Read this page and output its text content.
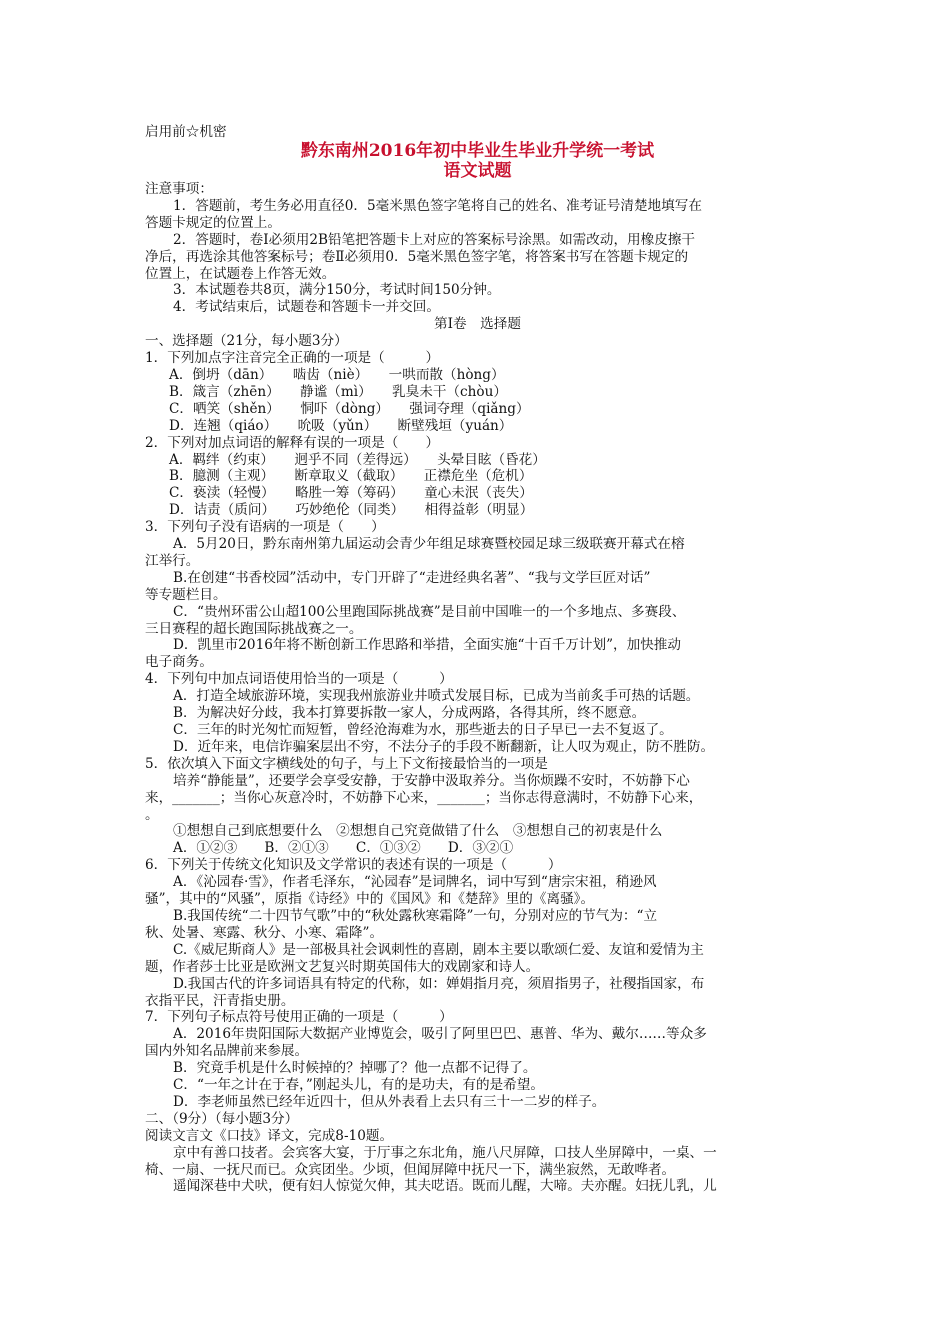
启用前☆机密
黔东南州2016年初中毕业生毕业升学统一考试
语文试题
注意事项：
1．答题前，考生务必用直径0．5毫米黑色签字笔将自己的姓名、准考证号清楚地填写在
答题卡规定的位置上。
2．答题时，卷Ⅰ必须用2B铅笔把答题卡上对应的答案标号涂黑。如需改动，用橡皮擦干
净后，再选涂其他答案标号；卷Ⅱ必须用0．5毫米黑色签字笔，将答案书写在答题卡规定的
位置上，在试题卷上作答无效。
3．本试题卷共8页，满分150分，考试时间150分钟。
4．考试结束后，试题卷和答题卡一并交回。
第Ⅰ卷　选择题
一、选择题（21分，每小题3分）
1．下列加点字注音完全正确的一项是（　　　）
A．倒坍（dān）　　啮齿（niè）　　一哄而散（hòng）
B．箴言（zhēn）　　静谧（mì）　　乳臭未干（chòu）
C．哂笑（shěn）　　恫吓（dòng）　　强词夺理（qiǎng）
D．连翘（qiáo）　　吮吸（yǔn）　　断壁残垣（yuán）
2．下列对加点词语的解释有误的一项是（　　）
A．羁绊（约束）　　迥乎不同（差得远）　　头晕目眩（昏花）
B．臆测（主观）　　断章取义（截取）　　正襟危坐（危机）
C．亵渎（轻慢）　　略胜一筹（筹码）　　童心未泯（丧失）
D．诘责（质问）　　巧妙绝伦（同类）　　相得益彰（明显）
3．下列句子没有语病的一项是（　　）
A．5月20日，黔东南州第九届运动会青少年组足球赛暨校园足球三级联赛开幕式在榕
江举行。
B.在创建“书香校园”活动中，专门开辟了“走进经典名著”、“我与文学巨匠对话”
等专题栏目。
C．“贵州环雷公山超100公里跑国际挑战赛”是目前中国唯一的一个多地点、多赛段、
三日赛程的超长跑国际挑战赛之一。
D．凯里市2016年将不断创新工作思路和举措，全面实施“十百千万计划”，加快推动
电子商务。
4．下列句中加点词语使用恰当的一项是（　　　）
A．打造全域旅游环境，实现我州旅游业井喷式发展目标，已成为当前炙手可热的话题。
B．为解决好分歧，我本打算要拆散一家人，分成两路，各得其所，终不愿意。
C．三年的时光匆忙而短暂，曾经沧海难为水，那些逝去的日子早已一去不复返了。
D．近年来，电信诈骗案层出不穷，不法分子的手段不断翻新，让人叹为观止，防不胜防。
5．依次填入下面文字横线处的句子，与上下文衔接最恰当的一项是
培养“静能量”，还要学会享受安静，于安静中汲取养分。当你烦躁不安时，不妨静下心
来，_______；当你心灰意冷时，不妨静下心来，_______；当你志得意满时，不妨静下心来，
。
①想想自己到底想要什么　②想想自己究竟做错了什么　③想想自己的初衷是什么
A．①②③　　B．②①③　　C．①③②　　D．③②①
6．下列关于传统文化知识及文学常识的表述有误的一项是（　　　）
A．《沁园春·雪》，作者毛泽东，“沁园春”是词牌名，词中写到“唐宗宋祖，稍逊风
骚”，其中的“风骚”，原指《诗经》中的《国风》和《楚辞》里的《离骚》。
B.我国传统“二十四节气歌”中的“秋处露秋寒霜降”一句，分别对应的节气为：“立
秋、处暑、寒露、秋分、小寒、霜降”。
C.《威尼斯商人》是一部极具社会讽刺性的喜剧，剧本主要以歌颂仁爱、友谊和爱情为主
题，作者莎士比亚是欧洲文艺复兴时期英国伟大的戏剧家和诗人。
D.我国古代的许多词语具有特定的代称，如：婵娟指月亮，须眉指男子，社稷指国家，布
衣指平民，汗青指史册。
7．下列句子标点符号使用正确的一项是（　　　）
A．2016年贵阳国际大数据产业博览会，吸引了阿里巴巴、惠普、华为、戴尔……等众多
国内外知名品牌前来参展。
B．究竟手机是什么时候掉的？掉哪了？他一点都不记得了。
C．“一年之计在于春，”刚起头儿，有的是功夫，有的是希望。
D．李老师虽然已经年近四十，但从外表看上去只有三十一二岁的样子。
二、（9分）（每小题3分）
阅读文言文《口技》译文，完成8-10题。
京中有善口技者。会宾客大宴，于厅事之东北角，施八尺屏障，口技人坐屏障中，一桌、一
椅、一扇、一抚尺而已。众宾团坐。少顷，但闻屏障中抚尺一下，满坐寂然，无敢哗者。
遥闻深巷中犬吠，便有妇人惊觉欠伸，其夫呓语。既而儿醒，大啼。夫亦醒。妇抚儿乳，儿
